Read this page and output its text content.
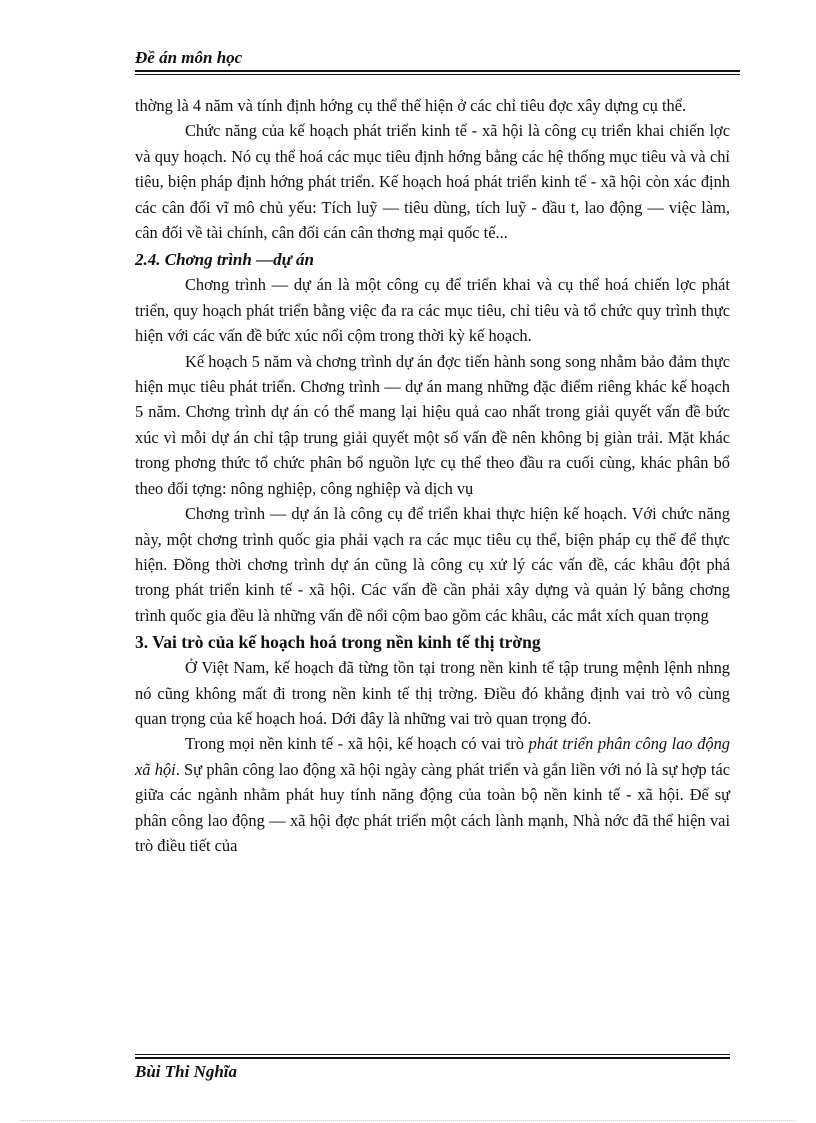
Đề án môn học

thờng là 4 năm và tính định hớng cụ thể thể hiện ở các chỉ tiêu đợc xây dựng cụ thể.

Chức năng của kế hoạch phát triển kinh tế - xã hội là công cụ triển khai chiến lợc và quy hoạch. Nó cụ thể hoá các mục tiêu định hớng bằng các hệ thống mục tiêu và và chỉ tiêu, biện pháp định hớng phát triển. Kế hoạch hoá phát triển kinh tế - xã hội còn xác định các cân đối vĩ mô chủ yếu: Tích luỹ — tiêu dùng, tích luỹ - đầu t, lao động — việc làm, cân đối về tài chính, cân đối cán cân thơng mại quốc tế...

2.4. Chơng trình —dự án

Chơng trình — dự án là một công cụ để triển khai và cụ thể hoá chiến lợc phát triển, quy hoạch phát triển bằng việc đa ra các mục tiêu, chỉ tiêu và tổ chức quy trình thực hiện với các vấn đề bức xúc nổi cộm trong thời kỳ kế hoạch.

Kế hoạch 5 năm và chơng trình dự án đợc tiến hành song song nhằm bảo đảm thực hiện mục tiêu phát triển. Chơng trình — dự án mang những đặc điểm riêng khác kế hoạch 5 năm. Chơng trình dự án có thể mang lại hiệu quả cao nhất trong giải quyết vấn đề bức xúc vì mỗi dự án chỉ tập trung giải quyết một số vấn đề nên không bị giàn trải. Mặt khác trong phơng thức tổ chức phân bổ nguồn lực cụ thể theo đầu ra cuối cùng, khác phân bổ theo đối tợng: nông nghiệp, công nghiệp và dịch vụ

Chơng trình — dự án là công cụ để triển khai thực hiện kế hoạch. Với chức năng này, một chơng trình quốc gia phải vạch ra các mục tiêu cụ thể, biện pháp cụ thể để thực hiện. Đồng thời chơng trình dự án cũng là công cụ xử lý các vấn đề, các khâu đột phá trong phát triển kinh tế - xã hội. Các vấn đề cần phải xây dựng và quản lý bằng chơng trình quốc gia đều là những vấn đề nổi cộm bao gồm các khâu, các mắt xích quan trọng

3. Vai trò của kế hoạch hoá trong nền kinh tế thị trờng

Ở Việt Nam, kế hoạch đã từng tồn tại trong nền kinh tế tập trung mệnh lệnh nhng nó cũng không mất đi trong nền kinh tế thị trờng. Điều đó khẳng định vai trò vô cùng quan trọng của kế hoạch hoá. Dới đây là những vai trò quan trọng đó.

Trong mọi nền kinh tế - xã hội, kế hoạch có vai trò phát triển phân công lao động xã hội. Sự phân công lao động xã hội ngày càng phát triển và gắn liền với nó là sự hợp tác giữa các ngành nhằm phát huy tính năng động của toàn bộ nền kinh tế - xã hội. Để sự phân công lao động — xã hội đợc phát triển một cách lành mạnh, Nhà nớc đã thể hiện vai trò điều tiết của

Bùi Thi Nghĩa
